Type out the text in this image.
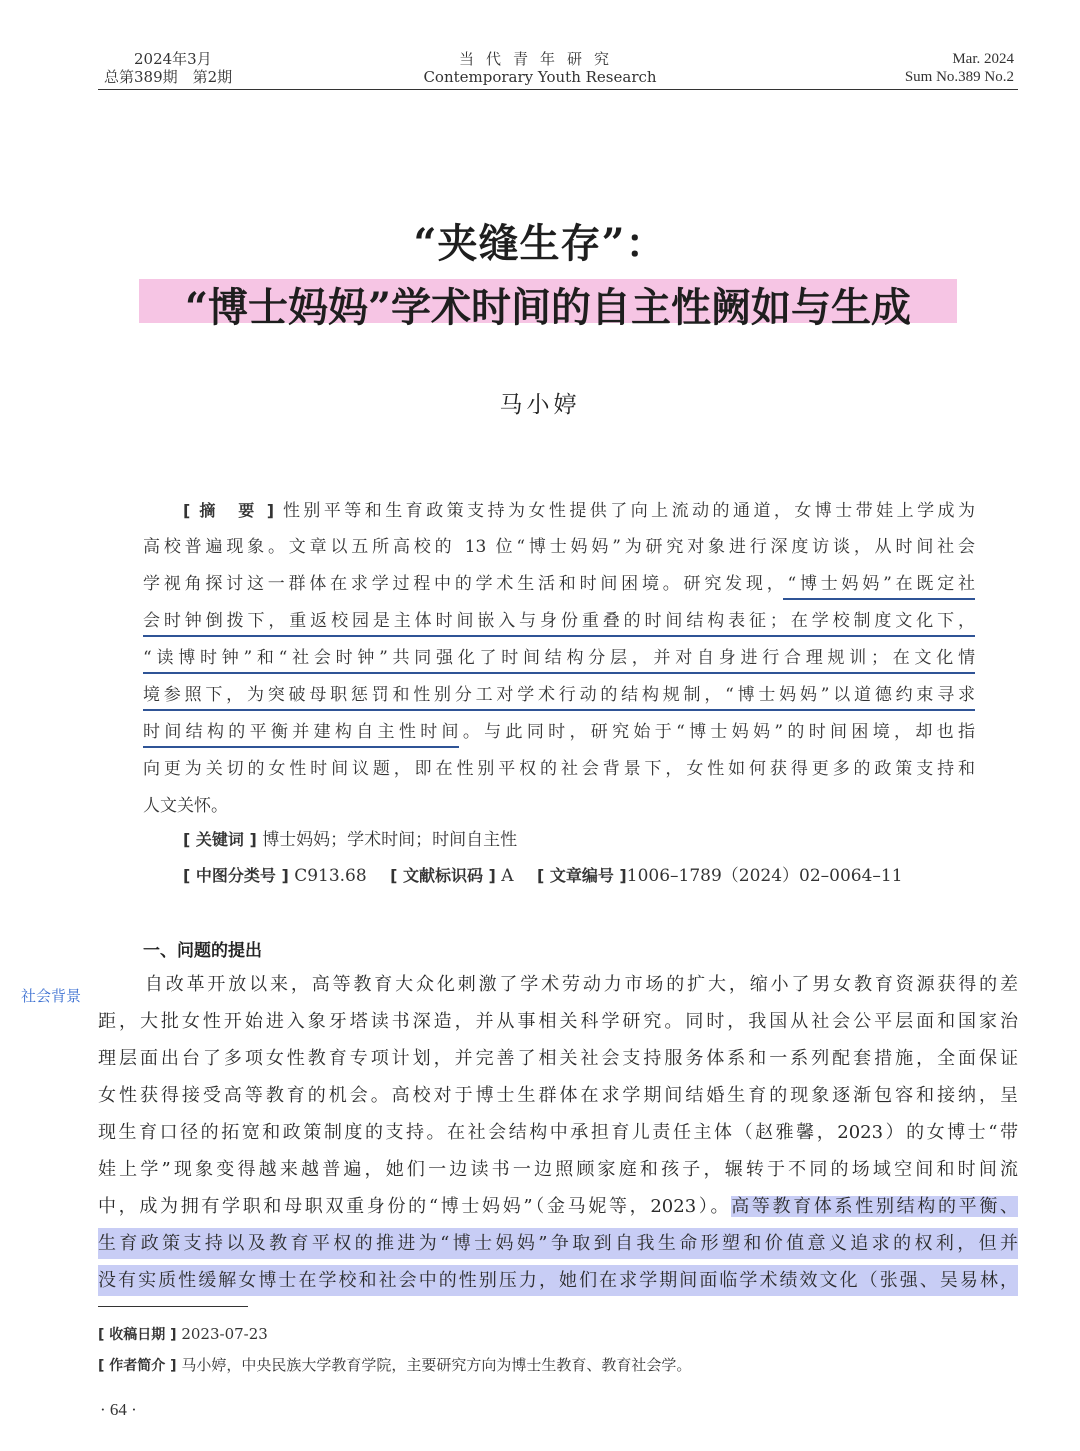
2024年3月
总第389期　第2期
当代青年研究
Contemporary Youth Research
Mar. 2024
Sum No.389 No.2
“夹缝生存”：
“博士妈妈”学术时间的自主性阙如与生成
马小婷
[ 摘　要 ] 性别平等和生育政策支持为女性提供了向上流动的通道，女博士带娃上学成为
高校普遍现象。文章以五所高校的 13 位“博士妈妈”为研究对象进行深度访谈，从时间社会
学视角探讨这一群体在求学过程中的学术生活和时间困境。研究发现，“博士妈妈”在既定社
会时钟倒拨下，重返校园是主体时间嵌入与身份重叠的时间结构表征；在学校制度文化下，
“读博时钟”和“社会时钟”共同强化了时间结构分层，并对自身进行合理规训；在文化情
境参照下，为突破母职惩罚和性别分工对学术行动的结构规制，“博士妈妈”以道德约束寻求
时间结构的平衡并建构自主性时间。与此同时，研究始于“博士妈妈”的时间困境，却也指
向更为关切的女性时间议题，即在性别平权的社会背景下，女性如何获得更多的政策支持和
人文关怀。
[ 关键词 ] 博士妈妈；学术时间；时间自主性
[ 中图分类号 ] C913.68 [ 文献标识码 ] A [ 文章编号 ]1006–1789（2024）02–0064–11
一、问题的提出
社会背景
自改革开放以来，高等教育大众化刺激了学术劳动力市场的扩大，缩小了男女教育资源获得的差
距，大批女性开始进入象牙塔读书深造，并从事相关科学研究。同时，我国从社会公平层面和国家治
理层面出台了多项女性教育专项计划，并完善了相关社会支持服务体系和一系列配套措施，全面保证
女性获得接受高等教育的机会。高校对于博士生群体在求学期间结婚生育的现象逐渐包容和接纳，呈
现生育口径的拓宽和政策制度的支持。在社会结构中承担育儿责任主体（赵雅馨，2023）的女博士“带
娃上学”现象变得越来越普遍，她们一边读书一边照顾家庭和孩子，辗转于不同的场域空间和时间流
中，成为拥有学职和母职双重身份的“博士妈妈”（金马妮等，2023）。高等教育体系性别结构的平衡、
生育政策支持以及教育平权的推进为“博士妈妈”争取到自我生命形塑和价值意义追求的权利，但并
没有实质性缓解女博士在学校和社会中的性别压力，她们在求学期间面临学术绩效文化（张强、吴易林，
[ 收稿日期 ] 2023-07-23
[ 作者简介 ] 马小婷，中央民族大学教育学院，主要研究方向为博士生教育、教育社会学。
· 64 ·
